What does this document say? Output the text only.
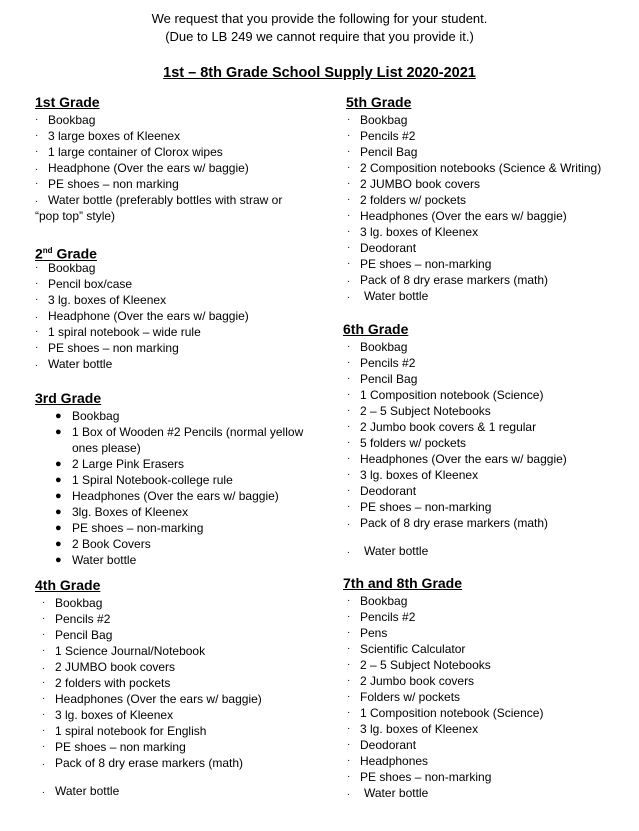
We request that you provide the following for your student.
(Due to LB 249 we cannot require that you provide it.)
1st – 8th Grade School Supply List 2020-2021
1st Grade
· Bookbag
· 3 large boxes of Kleenex
· 1 large container of Clorox wipes
. Headphone (Over the ears w/ baggie)
· PE shoes – non marking
. Water bottle (preferably bottles with straw or “pop top” style)
2nd Grade
· Bookbag
· Pencil box/case
· 3 lg. boxes of Kleenex
. Headphone (Over the ears w/ baggie)
· 1 spiral notebook – wide rule
· PE shoes – non marking
. Water bottle
3rd Grade
● Bookbag
● 1 Box of Wooden #2 Pencils (normal yellow ones please)
● 2 Large Pink Erasers
● 1 Spiral Notebook-college rule
● Headphones (Over the ears w/ baggie)
● 3lg. Boxes of Kleenex
● PE shoes – non-marking
● 2 Book Covers
● Water bottle
4th Grade
· Bookbag
· Pencils #2
· Pencil Bag
· 1 Science Journal/Notebook
. 2 JUMBO book covers
· 2 folders with pockets
· Headphones (Over the ears w/ baggie)
· 3 lg. boxes of Kleenex
· 1 spiral notebook for English
· PE shoes – non marking
. Pack of 8 dry erase markers (math)
. Water bottle
5th Grade
· Bookbag
· Pencils #2
· Pencil Bag
· 2 Composition notebooks (Science & Writing)
· 2 JUMBO book covers
· 2 folders w/ pockets
· Headphones (Over the ears w/ baggie)
· 3 lg. boxes of Kleenex
· Deodorant
· PE shoes – non-marking
. Pack of 8 dry erase markers (math)
. Water bottle
6th Grade
· Bookbag
· Pencils #2
· Pencil Bag
· 1 Composition notebook (Science)
· 2 – 5 Subject Notebooks
· 2 Jumbo book covers & 1 regular
· 5 folders w/ pockets
· Headphones (Over the ears w/ baggie)
· 3 lg. boxes of Kleenex
· Deodorant
· PE shoes – non-marking
. Pack of 8 dry erase markers (math)
. Water bottle
7th and 8th Grade
· Bookbag
· Pencils #2
· Pens
· Scientific Calculator
· 2 – 5 Subject Notebooks
· 2 Jumbo book covers
· Folders w/ pockets
· 1 Composition notebook (Science)
· 3 lg. boxes of Kleenex
· Deodorant
· Headphones
· PE shoes – non-marking
. Water bottle
